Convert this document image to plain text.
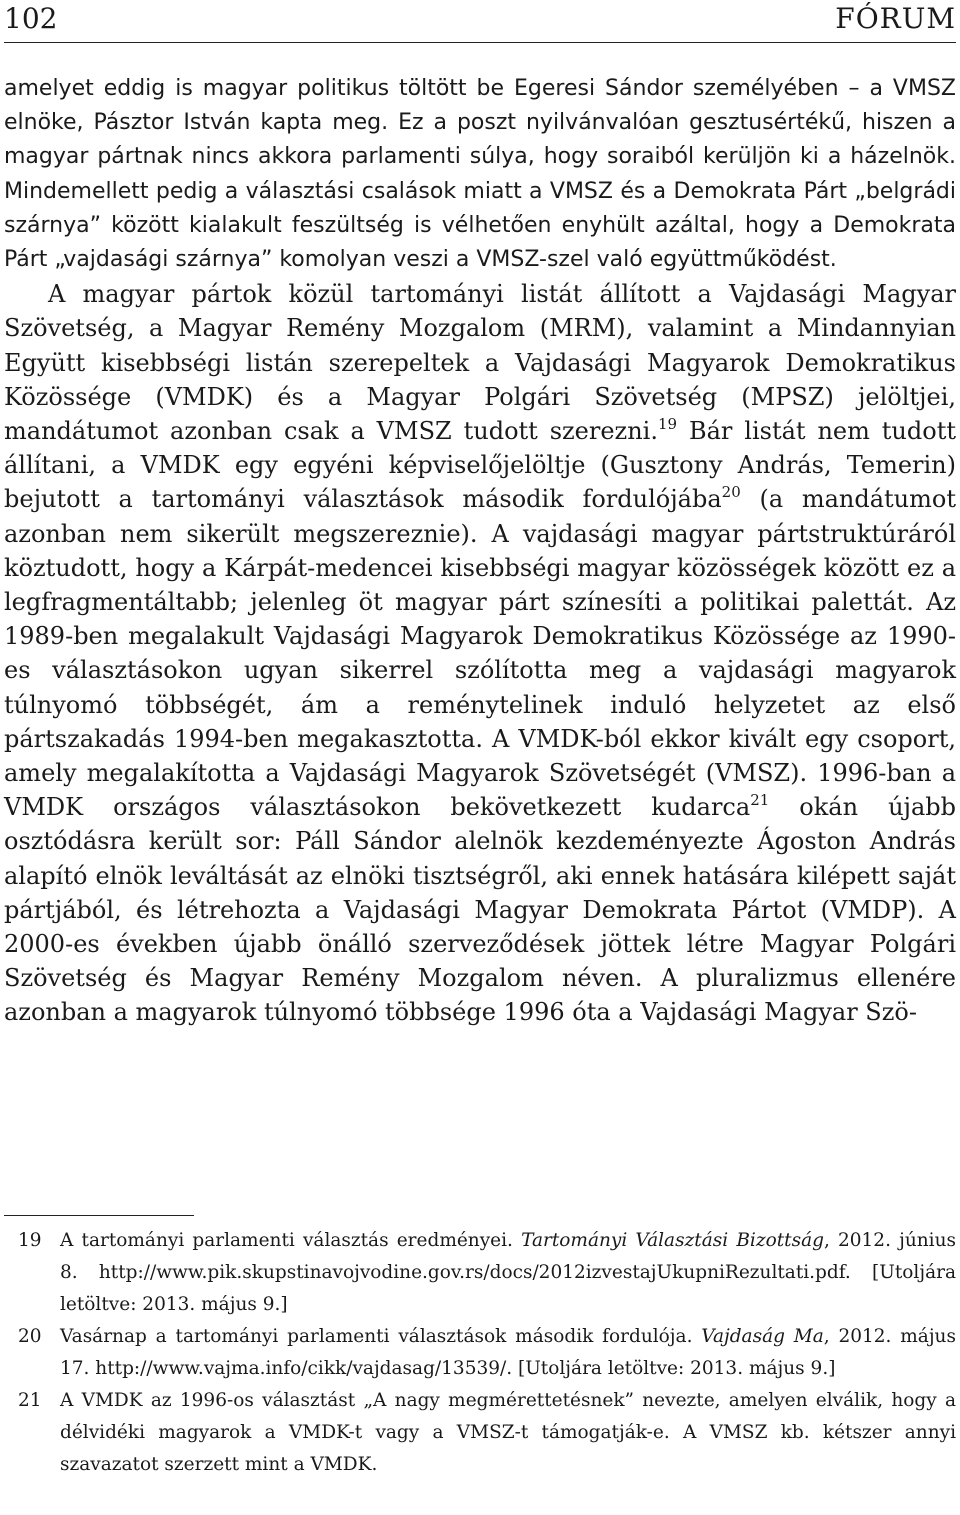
102	FÓRUM

amelyet eddig is magyar politikus töltött be Egeresi Sándor személyében – a VMSZ elnöke, Pásztor István kapta meg. Ez a poszt nyilvánvalóan gesztusértékű, hiszen a magyar pártnak nincs akkora parlamenti súlya, hogy soraiból kerüljön ki a házelnök. Mindemellett pedig a választási csalások miatt a VMSZ és a Demokrata Párt „belgrádi szárnya” között kialakult feszültség is vélhetően enyhült azáltal, hogy a Demokrata Párt „vajdasági szárnya” komolyan veszi a VMSZ-szel való együttműködést.

A magyar pártok közül tartományi listát állított a Vajdasági Magyar Szövetség, a Magyar Remény Mozgalom (MRM), valamint a Mindannyian Együtt kisebbségi listán szerepeltek a Vajdasági Magyarok Demokratikus Közössége (VMDK) és a Magyar Polgári Szövetség (MPSZ) jelöltjei, mandátumot azonban csak a VMSZ tudott szerezni.$^{19}$ Bár listát nem tudott állítani, a VMDK egy egyéni képviselőjelöltje (Gusztony András, Temerin) bejutott a tartományi választások második fordulójába$^{20}$ (a mandátumot azonban nem sikerült megszereznie). A vajdasági magyar pártstruktúráról köztudott, hogy a Kárpát-medencei kisebbségi magyar közösségek között ez a legfragmentáltabb; jelenleg öt magyar párt színesíti a politikai palettát. Az 1989-ben megalakult Vajdasági Magyarok Demokratikus Közössége az 1990-es választásokon ugyan sikerrel szólította meg a vajdasági magyarok túlnyomó többségét, ám a reménytelinek induló helyzetet az első pártszakadás 1994-ben megakasztotta. A VMDK-ból ekkor kivált egy csoport, amely megalakította a Vajdasági Magyarok Szövetségét (VMSZ). 1996-ban a VMDK országos választásokon bekövetkezett kudarca$^{21}$ okán újabb osztódásra került sor: Páll Sándor alelnök kezdeményezte Ágoston András alapító elnök leváltását az elnöki tisztségről, aki ennek hatására kilépett saját pártjából, és létrehozta a Vajdasági Magyar Demokrata Pártot (VMDP). A 2000-es években újabb önálló szerveződések jöttek létre Magyar Polgári Szövetség és Magyar Remény Mozgalom néven. A pluralizmus ellenére azonban a magyarok túlnyomó többsége 1996 óta a Vajdasági Magyar Szö-

19 A tartományi parlamenti választás eredményei. Tartományi Választási Bizottság, 2012. június 8. http://www.pik.skupstinavojvodine.gov.rs/docs/2012izvestajUkupniRezultati.pdf. [Utoljára letöltve: 2013. május 9.]
20 Vasárnap a tartományi parlamenti választások második fordulója. Vajdaság Ma, 2012. május 17. http://www.vajma.info/cikk/vajdasag/13539/. [Utoljára letöltve: 2013. május 9.]
21 A VMDK az 1996-os választást „A nagy megmérettetésnek” nevezte, amelyen elválik, hogy a délvidéki magyarok a VMDK-t vagy a VMSZ-t támogatják-e. A VMSZ kb. kétszer annyi szavazatot szerzett mint a VMDK.
